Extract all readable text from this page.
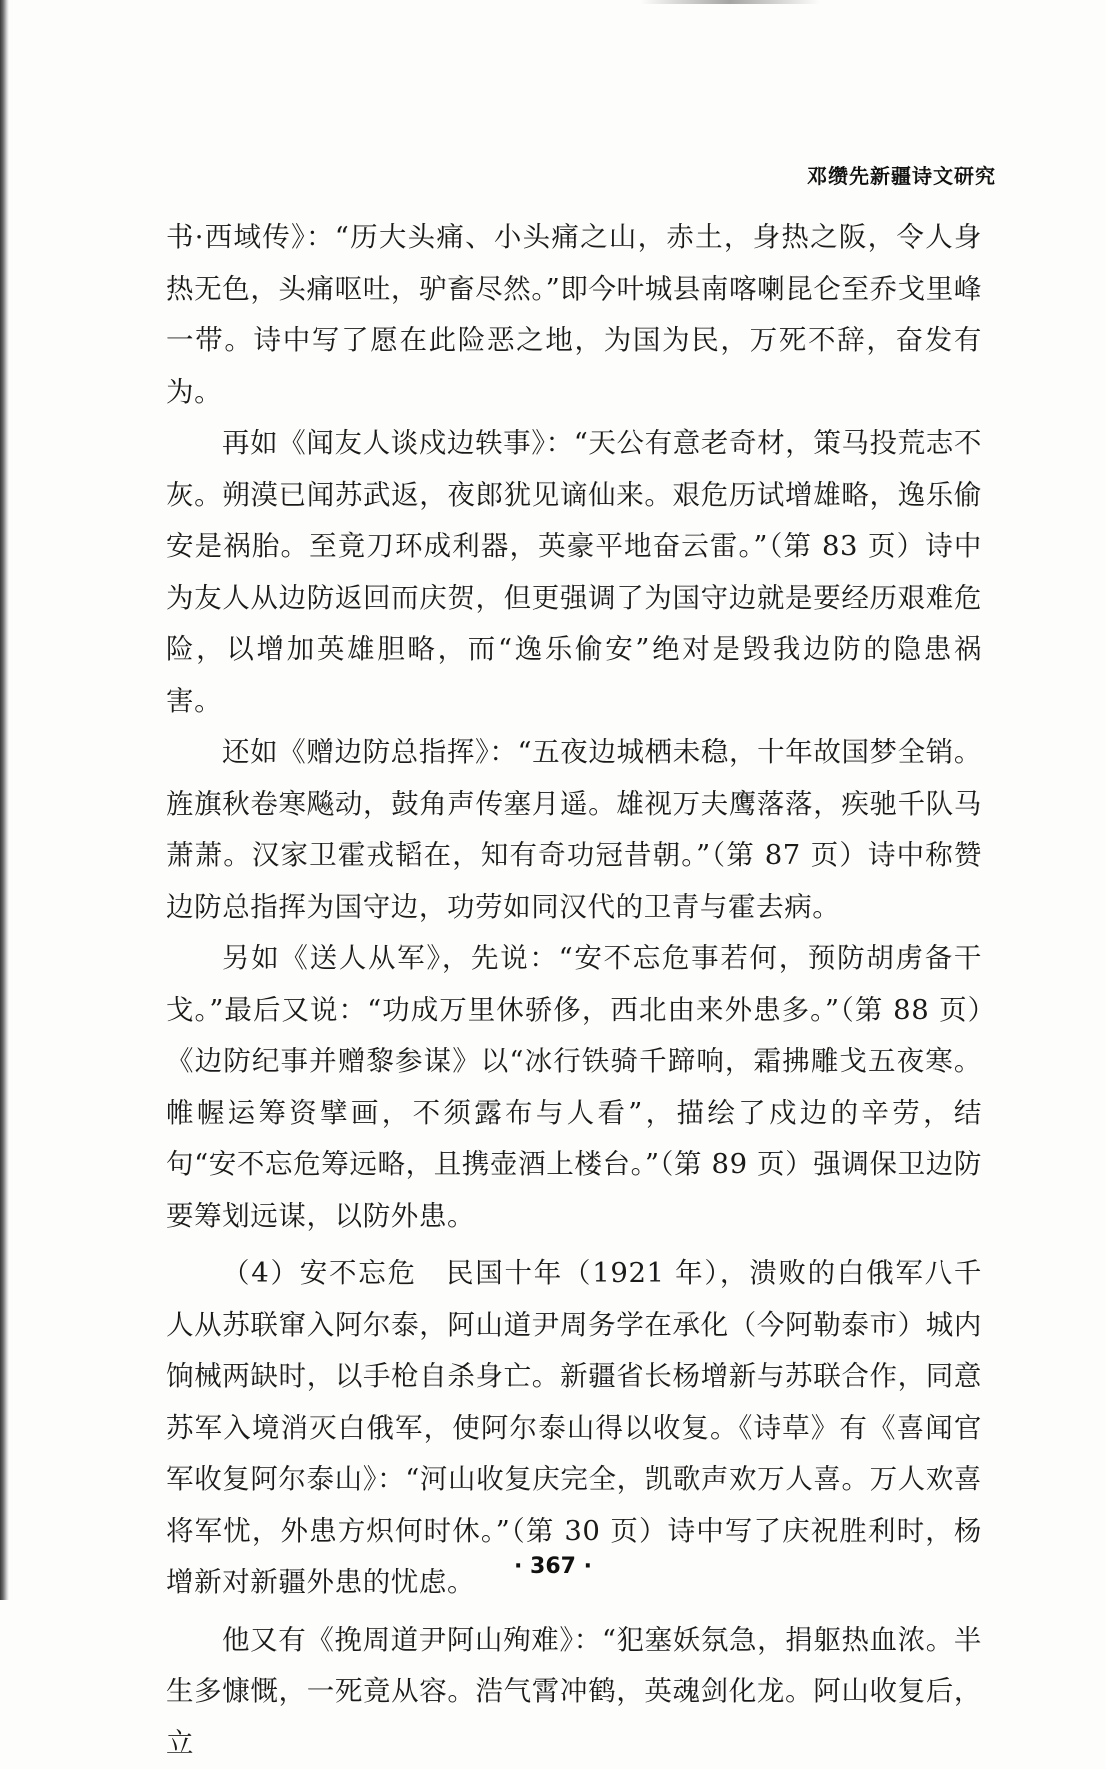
邓缵先新疆诗文研究

书·西域传》：“历大头痛、小头痛之山，赤土，身热之阪，令人身热无色，头痛呕吐，驴畜尽然。”即今叶城县南喀喇昆仑至乔戈里峰一带。诗中写了愿在此险恶之地，为国为民，万死不辞，奋发有为。

再如《闻友人谈戍边轶事》：“天公有意老奇材，策马投荒志不灰。朔漠已闻苏武返，夜郎犹见谪仙来。艰危历试增雄略，逸乐偷安是祸胎。至竟刀环成利器，英豪平地奋云雷。”（第 83 页）诗中为友人从边防返回而庆贺，但更强调了为国守边就是要经历艰难危险，以增加英雄胆略，而“逸乐偷安”绝对是毁我边防的隐患祸害。

还如《赠边防总指挥》：“五夜边城栖未稳，十年故国梦全销。旌旗秋卷寒飚动，鼓角声传塞月遥。雄视万夫鹰落落，疾驰千队马萧萧。汉家卫霍戎韬在，知有奇功冠昔朝。”（第 87 页）诗中称赞边防总指挥为国守边，功劳如同汉代的卫青与霍去病。

另如《送人从军》，先说：“安不忘危事若何，预防胡虏备干戈。”最后又说：“功成万里休骄侈，西北由来外患多。”（第 88 页）《边防纪事并赠黎参谋》以“冰行铁骑千蹄响，霜拂雕戈五夜寒。帷幄运筹资擘画，不须露布与人看”，描绘了戍边的辛劳，结句“安不忘危筹远略，且携壶酒上楼台。”（第 89 页）强调保卫边防要筹划远谋，以防外患。

（4）安不忘危　民国十年（1921 年），溃败的白俄军八千人从苏联窜入阿尔泰，阿山道尹周务学在承化（今阿勒泰市）城内饷械两缺时，以手枪自杀身亡。新疆省长杨增新与苏联合作，同意苏军入境消灭白俄军，使阿尔泰山得以收复。《诗草》有《喜闻官军收复阿尔泰山》：“河山收复庆完全，凯歌声欢万人喜。万人欢喜将军忧，外患方炽何时休。”（第 30 页）诗中写了庆祝胜利时，杨增新对新疆外患的忧虑。

他又有《挽周道尹阿山殉难》：“犯塞妖氛急，捐躯热血浓。半生多慷慨，一死竟从容。浩气霄冲鹤，英魂剑化龙。阿山收复后，立

· 367 ·
